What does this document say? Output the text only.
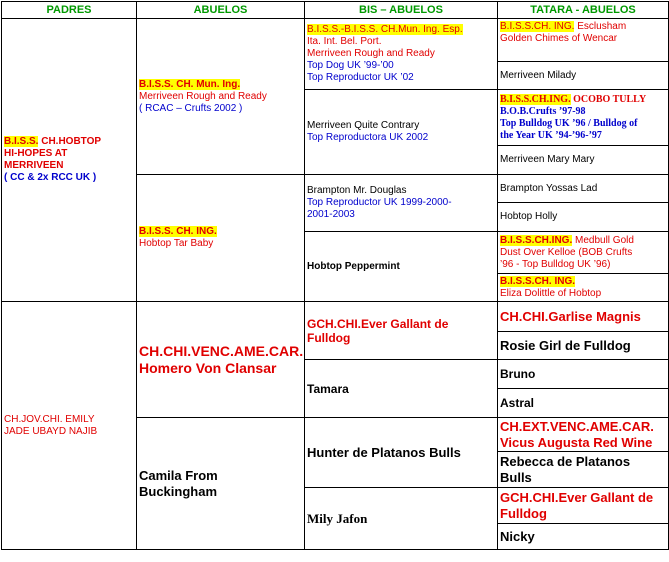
PADRES	ABUELOS	BIS – ABUELOS	TATARA - ABUELOS

B.I.S.S. CH.HOBTOP
HI-HOPES AT
MERRIVEEN
( CC & 2x RCC UK )	B.I.S.S. CH. Mun. Ing.
Merriveen Rough and Ready
( RCAC – Crufts 2002 )	B.I.S.S.-B.I.S.S. CH.Mun. Ing. Esp.
Ita. Int. Bel. Port.
Merriveen Rough and Ready
Top Dog UK ’99-’00
Top Reproductor UK ’02	B.I.S.S.CH. ING. Esclusham
Golden Chimes of Wencar

			Merriveen Milady

		Merriveen Quite Contrary
Top Reproductora UK 2002	B.I.S.S.CH.ING. OCOBO TULLY
B.O.B.Crufts ’97-98
Top Bulldog UK ’96 / Bulldog of
the Year UK ’94-’96-’97

			Merriveen Mary Mary

	B.I.S.S. CH. ING.
Hobtop Tar Baby	Brampton Mr. Douglas
Top Reproductor UK 1999-2000-
2001-2003	Brampton Yossas Lad
			Hobtop Holly
		Hobtop Peppermint	B.I.S.S.CH.ING. Medbull Gold
Dust Over Kelloe (BOB Crufts
’96 - Top Bulldog UK ’96)

			B.I.S.S.CH. ING.
Eliza Dolittle of Hobtop

CH.JOV.CHI. EMILY
JADE UBAYD NAJIB	CH.CHI.VENC.AME.CAR.
Homero Von Clansar	GCH.CHI.Ever Gallant de
Fulldog	CH.CHI.Garlise Magnis
			Rosie Girl de Fulldog
		Tamara	Bruno
			Astral

	Camila From
Buckingham	Hunter de Platanos Bulls	CH.EXT.VENC.AME.CAR.
Vicus Augusta Red Wine

			Rebecca de Platanos
Bulls

		Mily Jafon	GCH.CHI.Ever Gallant de
Fulldog

			Nicky
